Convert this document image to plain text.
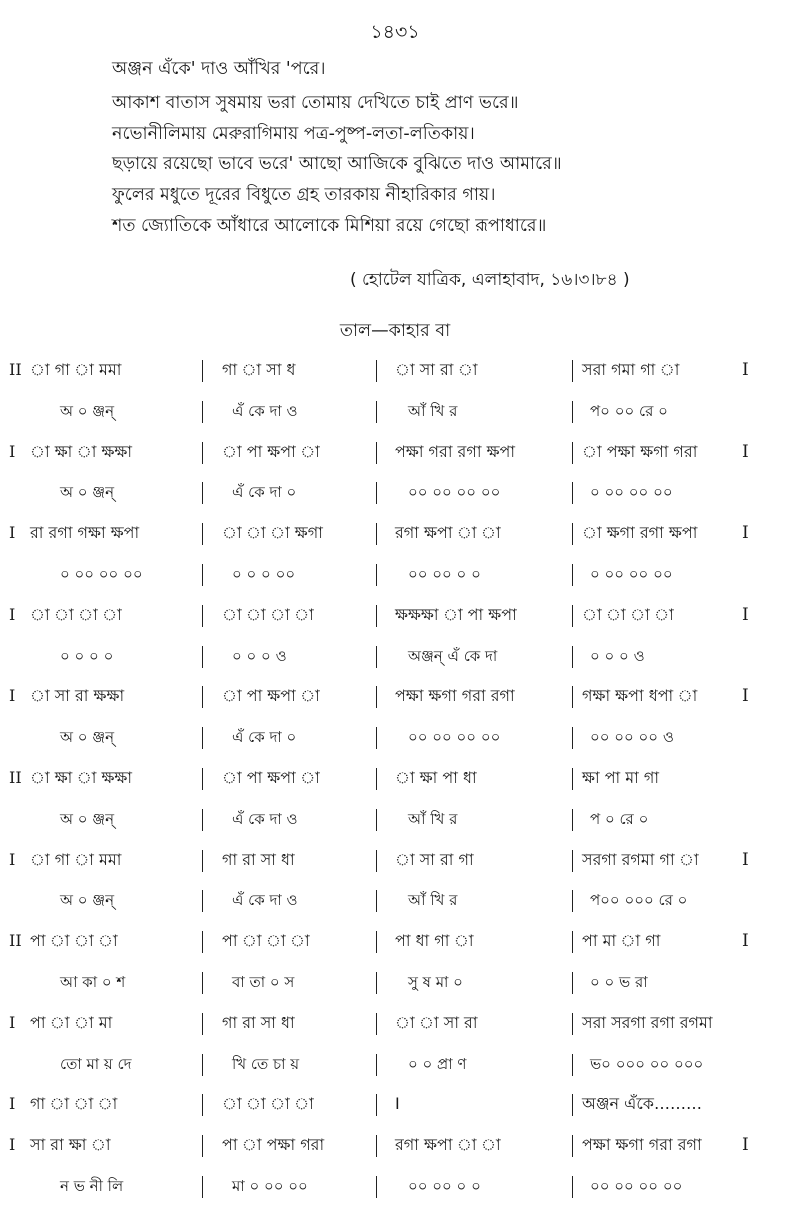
১৪৩১
অঞ্জন এঁকে' দাও আঁখির 'পরে।
আকাশ বাতাস সুষমায় ভরা তোমায় দেখিতে চাই প্রাণ ভরে॥
নভোনীলিমায় মেরুরাগিমায় পত্র-পুষ্প-লতা-লতিকায়।
ছড়ায়ে রয়েছো ভাবে ভরে' আছো আজিকে বুঝিতে দাও আমারে॥
ফুলের মধুতে দূরের বিধুতে গ্রহ তারকায় নীহারিকার গায়।
শত জ্যোতিকে আঁধারে আলোকে মিশিয়া রয়ে গেছো রূপাধারে॥
( হোটেল যাত্রিক, এলাহাবাদ, ১৬।৩।৮৪ )
তাল—কাহার বা
II া গা া মমা	গা া সা ধ	া সা রা া	সরা গমা গা া	I
অ ০ ঞ্জন্	এঁ কে দা ও	আঁ খি র	প০ ০০ রে ০
I া ক্ষা া ক্ষক্ষা	া পা ক্ষপা া	পক্ষা গরা রগা ক্ষপা	া পক্ষা ক্ষগা গরা	I
অ ০ ঞ্জন্	এঁ কে দা ০	০০ ০০ ০০ ০০	০ ০০ ০০ ০০
I রা রগা গক্ষা ক্ষপা	া া া ক্ষগা	রগা ক্ষপা া া	া ক্ষগা রগা ক্ষপা	I
০ ০০ ০০ ০০	০ ০ ০ ০০	০০ ০০ ০ ০	০ ০০ ০০ ০০
I া া া া	া া া া	ক্ষক্ষক্ষা া পা ক্ষপা	া া া া	I
০ ০ ০ ০	০ ০ ০ ও	অঞ্জন্ এঁ কে দা	০ ০ ০ ও
I া সা রা ক্ষক্ষা	া পা ক্ষপা া	পক্ষা ক্ষগা গরা রগা	গক্ষা ক্ষপা ধপা া	I
অ ০ ঞ্জন্	এঁ কে দা ০	০০ ০০ ০০ ০০	০০ ০০ ০০ ও
II া ক্ষা া ক্ষক্ষা	া পা ক্ষপা া	া ক্ষা পা ধা	ক্ষা পা মা গা
অ ০ ঞ্জন্	এঁ কে দা ও	আঁ খি র	প ০ রে ০
I া গা া মমা	গা রা সা ধা	া সা রা গা	সরগা রগমা গা া	I
অ ০ ঞ্জন্	এঁ কে দা ও	আঁ খি র	প০০ ০০০ রে ০
II পা া া া	পা া া া	পা ধা গা া	পা মা া গা	I
আ কা ০ শ	বা তা ০ স	সু ষ মা ০	০ ০ ভ রা
I পা া া মা	গা রা সা ধা	া া সা রা	সরা সরগা রগা রগমা
তো মা য় দে	খি তে চা য়	০ ০ প্রা ণ	ভ০ ০০০ ০০ ০০০
I গা া া া	া া া া	I	অঞ্জন এঁকে………
I সা রা ক্ষা া	পা া পক্ষা গরা	রগা ক্ষপা া া	পক্ষা ক্ষগা গরা রগা I
ন ভ নী লি	মা ০ ০০ ০০	০০ ০০ ০ ০	০০ ০০ ০০ ০০
